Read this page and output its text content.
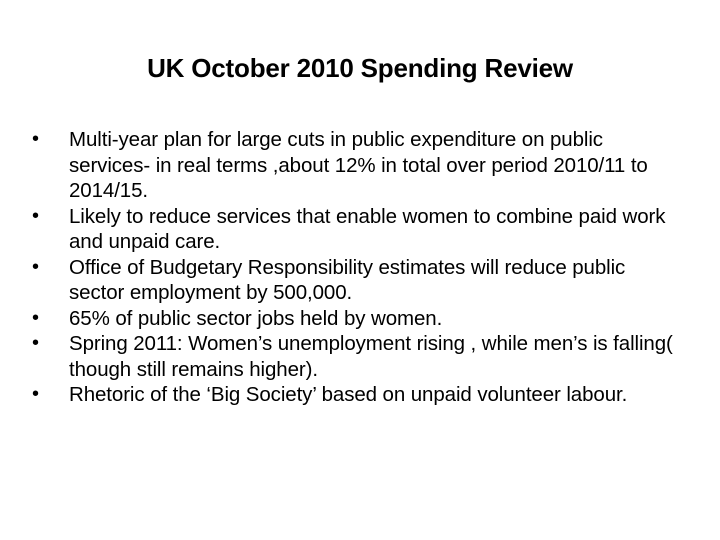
UK October 2010 Spending Review
•	Multi-year plan for large cuts in public expenditure on public services- in real terms ,about 12% in total over period 2010/11 to 2014/15.
•	Likely to reduce services that enable women to combine paid work and unpaid care.
•	Office of Budgetary Responsibility estimates will reduce public sector employment by 500,000.
•	65% of public sector jobs held by women.
•	Spring 2011: Women’s unemployment rising , while men’s is falling( though still remains higher).
•	Rhetoric of the ‘Big Society’ based on unpaid volunteer labour.
